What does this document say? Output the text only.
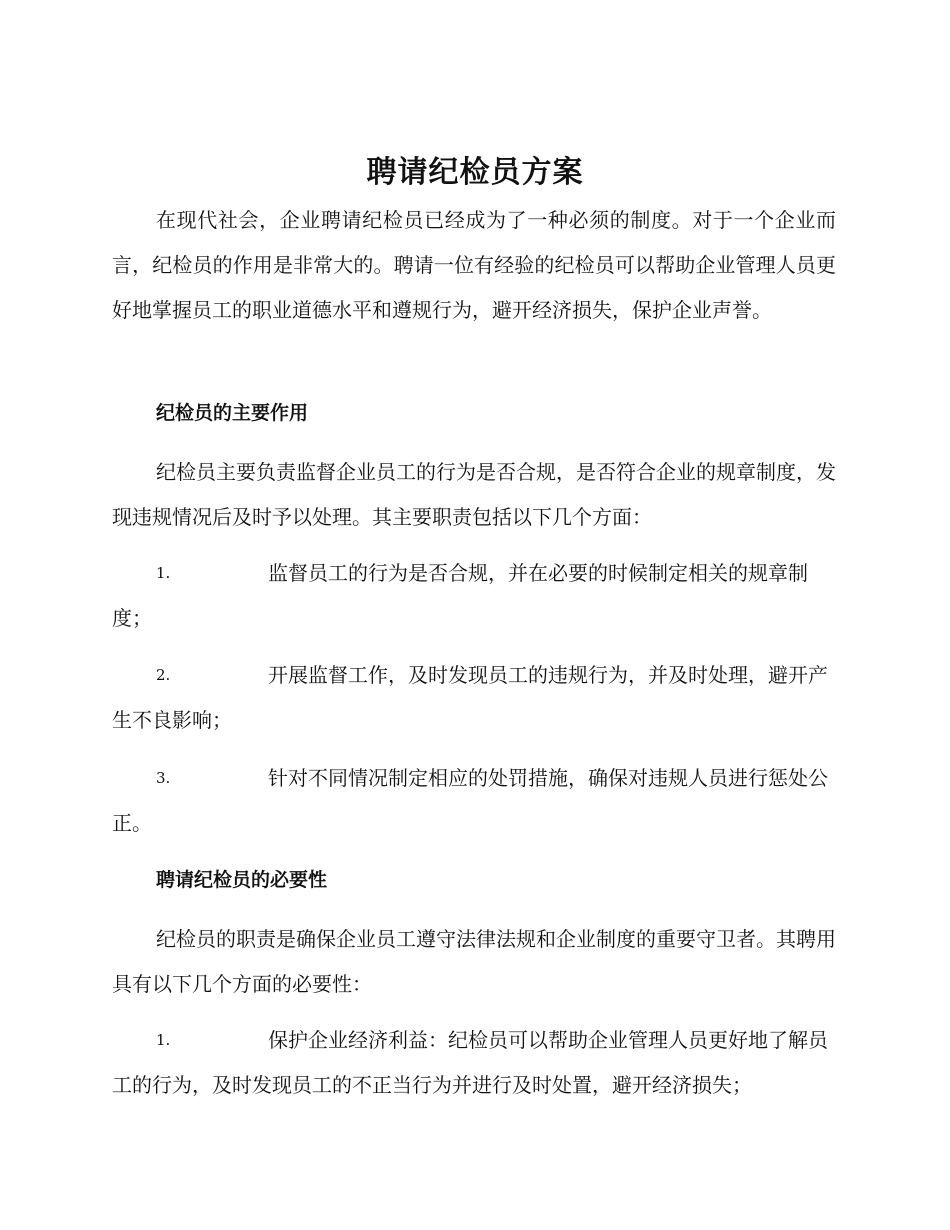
聘请纪检员方案

在现代社会，企业聘请纪检员已经成为了一种必须的制度。对于一个企业而言，纪检员的作用是非常大的。聘请一位有经验的纪检员可以帮助企业管理人员更好地掌握员工的职业道德水平和遵规行为，避开经济损失，保护企业声誉。

纪检员的主要作用

纪检员主要负责监督企业员工的行为是否合规，是否符合企业的规章制度，发现违规情况后及时予以处理。其主要职责包括以下几个方面：

1.	监督员工的行为是否合规，并在必要的时候制定相关的规章制度；
2.	开展监督工作，及时发现员工的违规行为，并及时处理，避开产生不良影响；
3.	针对不同情况制定相应的处罚措施，确保对违规人员进行惩处公正。

聘请纪检员的必要性

纪检员的职责是确保企业员工遵守法律法规和企业制度的重要守卫者。其聘用具有以下几个方面的必要性：

1.	保护企业经济利益：纪检员可以帮助企业管理人员更好地了解员工的行为，及时发现员工的不正当行为并进行及时处置，避开经济损失；
